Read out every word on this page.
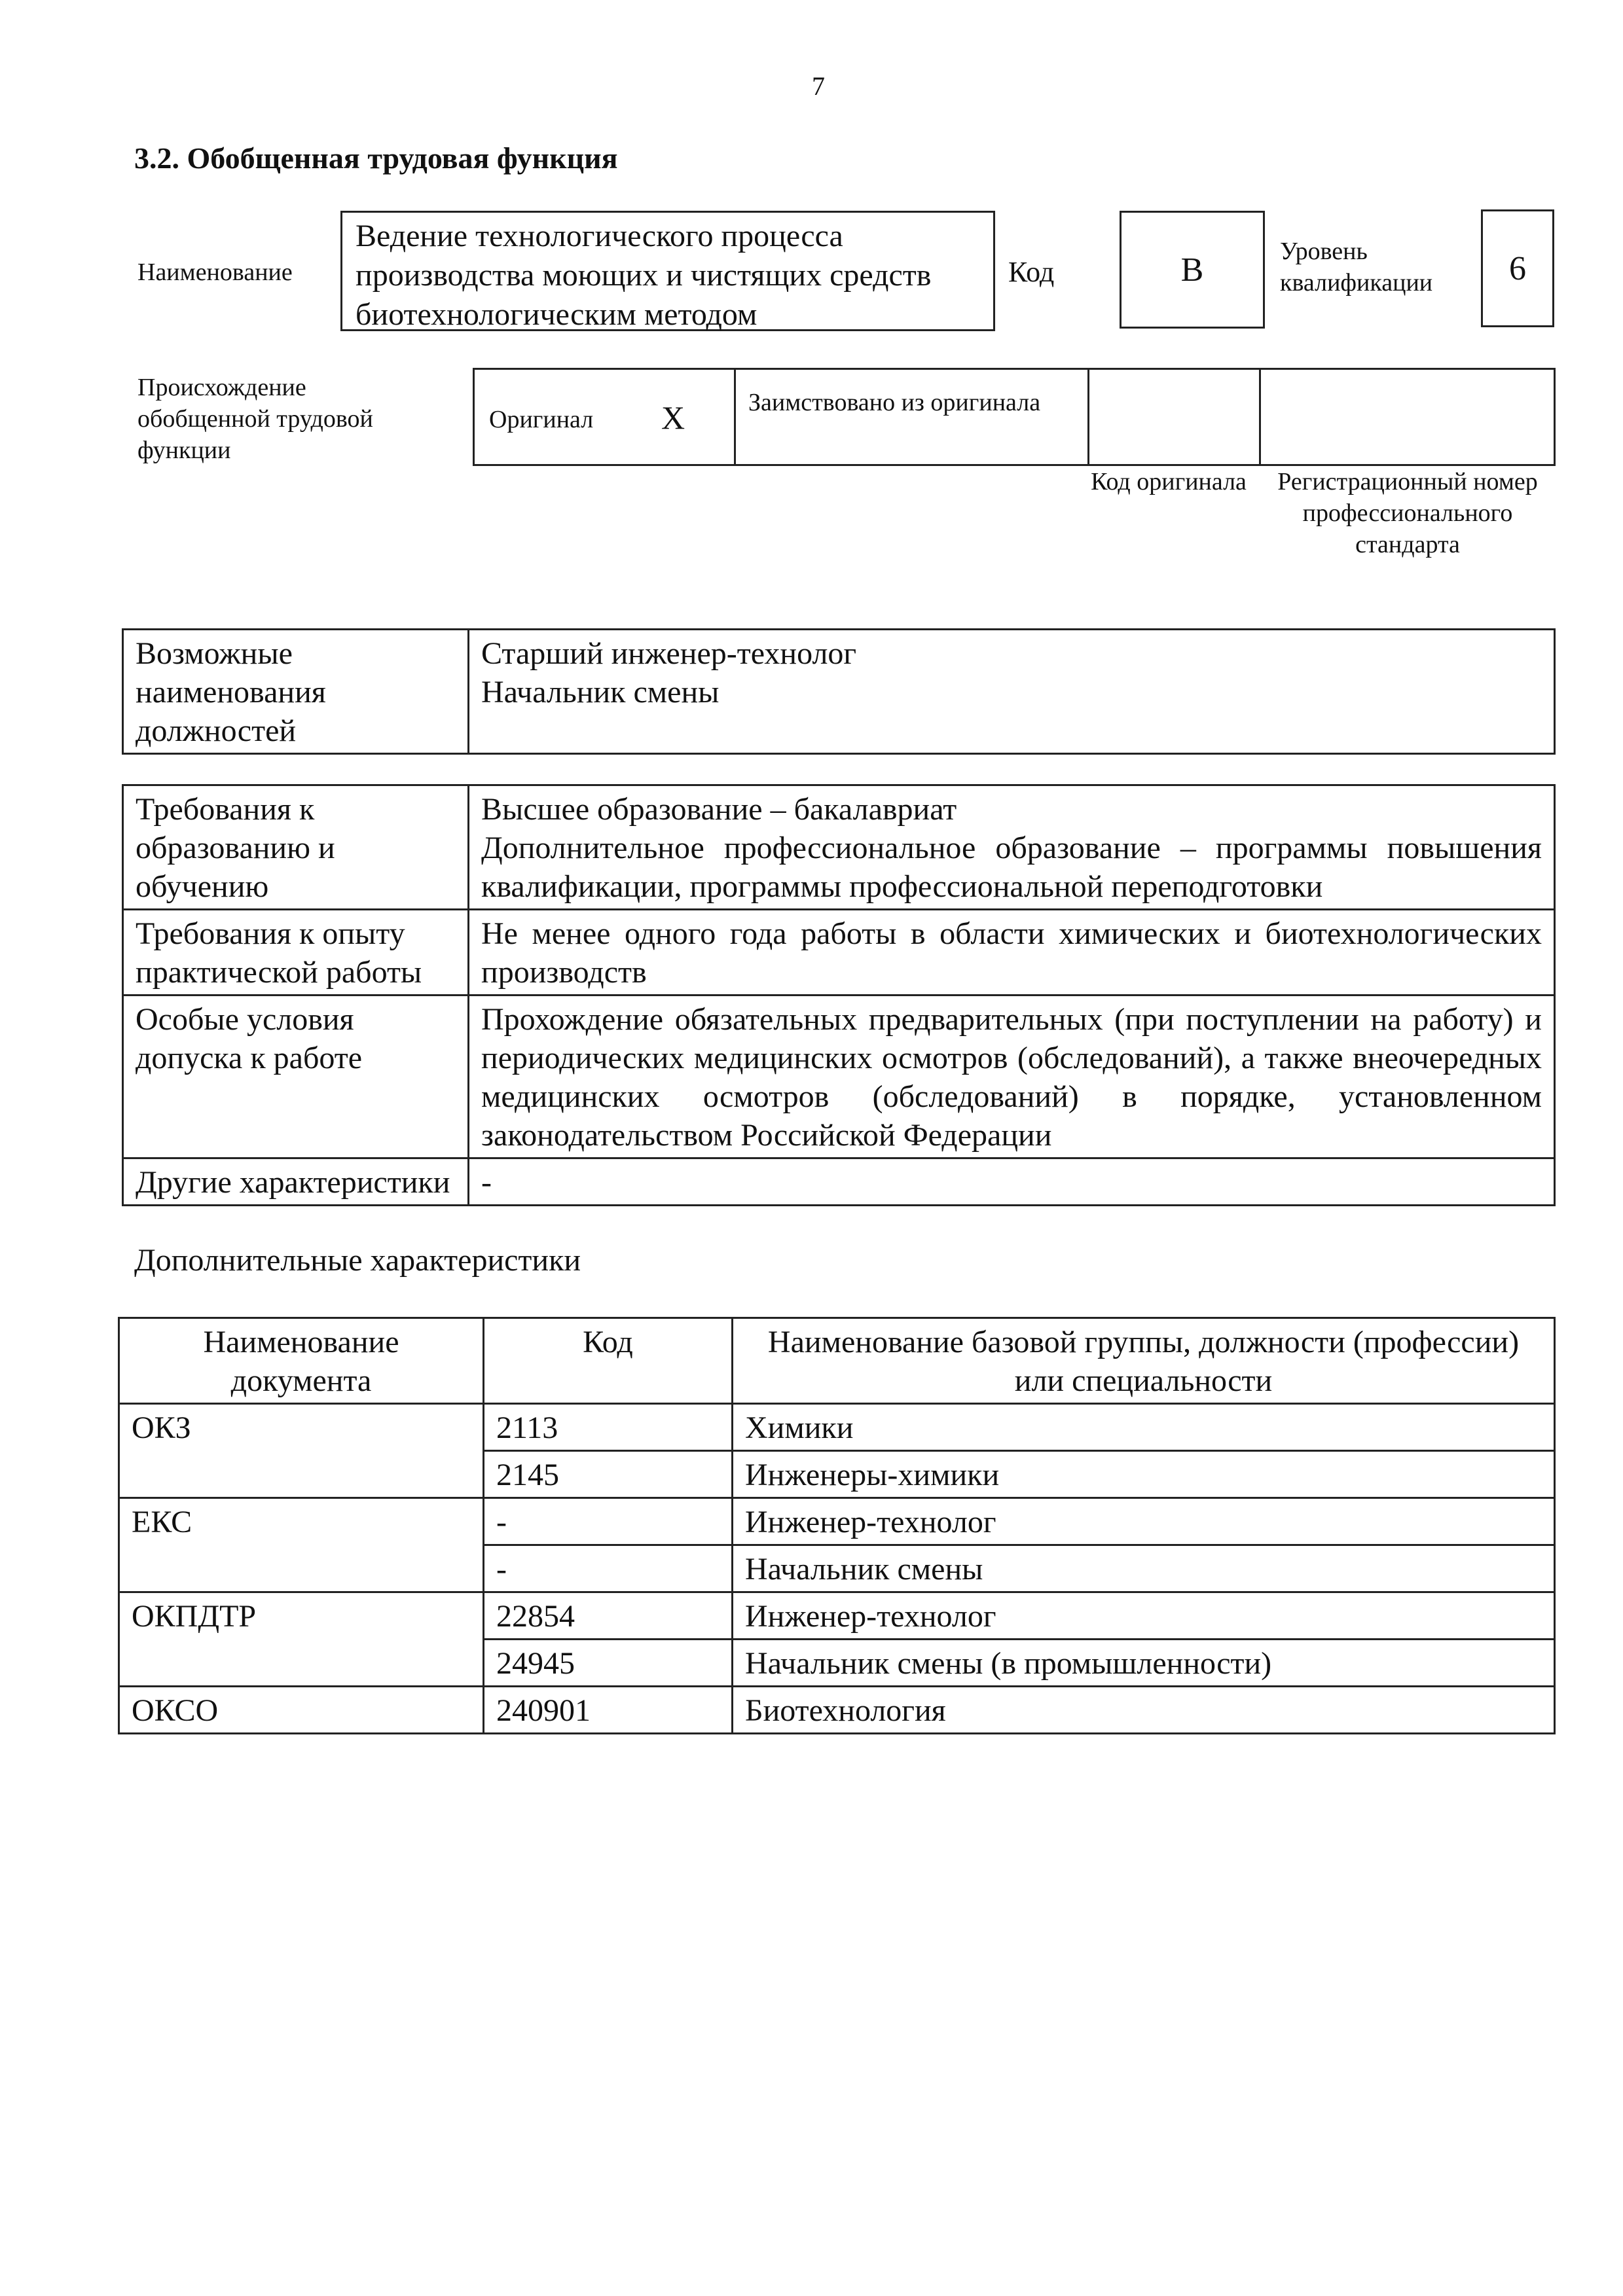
7
3.2. Обобщенная трудовая функция
Наименование
Ведение технологического процесса производства моющих и чистящих средств биотехнологическим методом
Код	B	Уровень квалификации	6
Происхождение обобщенной трудовой функции
Оригинал X	Заимствовано из оригинала
Код оригинала Регистрационный номер профессионального стандарта
Возможные наименования должностей	
Старший инженер-технолог
Начальник смены
Требования к образованию и обучению	Высшее образование – бакалавриат
Дополнительное профессиональное образование – программы повышения квалификации, программы профессиональной переподготовки
Требования к опыту практической работы	Не менее одного года работы в области химических и биотехнологических производств
Особые условия допуска к работе	Прохождение обязательных предварительных (при поступлении на работу) и периодических медицинских осмотров (обследований), а также внеочередных медицинских осмотров (обследований) в порядке, установленном законодательством Российской Федерации
Другие характеристики	-
Дополнительные характеристики
Наименование документа	Код	Наименование базовой группы, должности (профессии) или специальности
ОКЗ	2113	Химики
	2145	Инженеры-химики
ЕКС	-	Инженер-технолог
	-	Начальник смены
ОКПДТР	22854	Инженер-технолог
	24945	Начальник смены (в промышленности)
ОКСО	240901	Биотехнология
